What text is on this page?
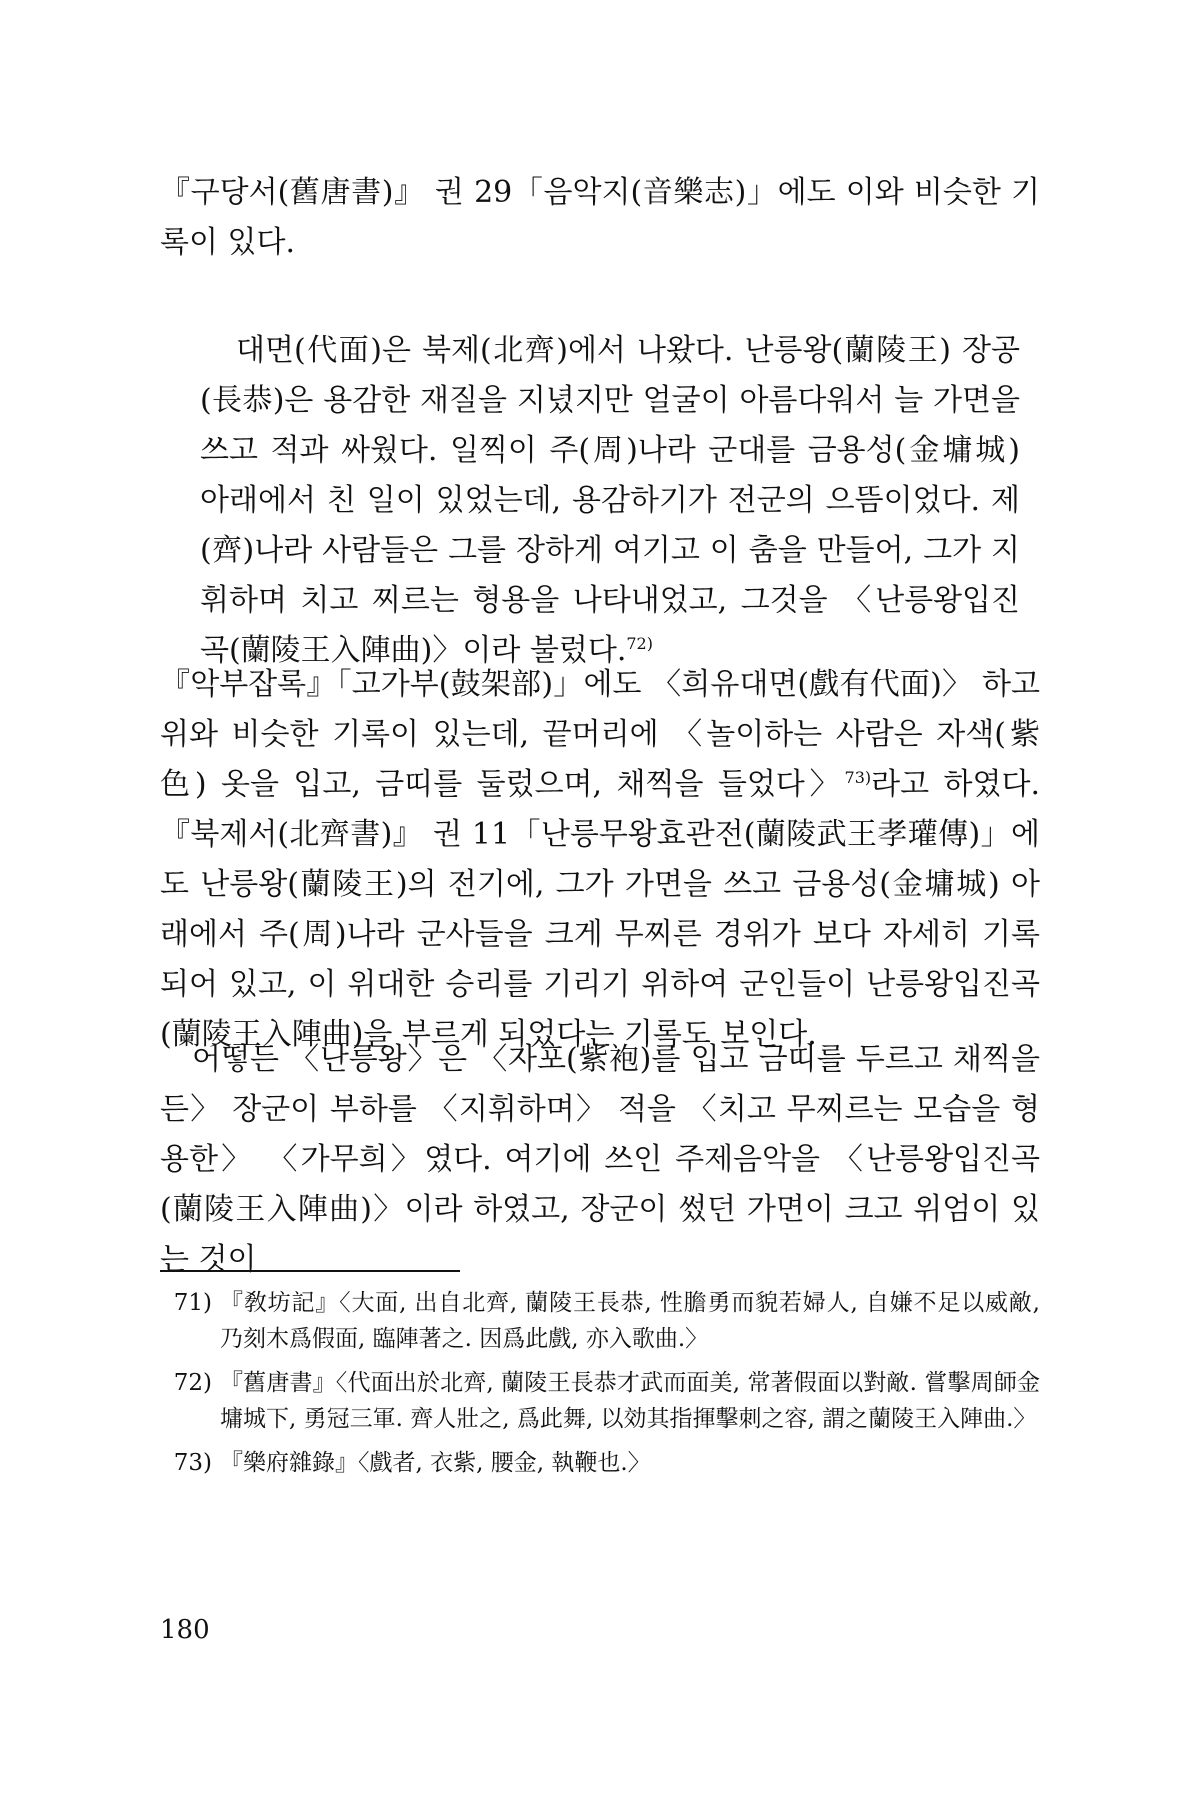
『구당서(舊唐書)』 권 29「음악지(音樂志)」에도 이와 비슷한 기록이 있다.
대면(代面)은 북제(北齊)에서 나왔다. 난릉왕(蘭陵王) 장공(長恭)은 용감한 재질을 지녔지만 얼굴이 아름다워서 늘 가면을 쓰고 적과 싸웠다. 일찍이 주(周)나라 군대를 금용성(金墉城) 아래에서 친 일이 있었는데, 용감하기가 전군의 으뜸이었다. 제(齊)나라 사람들은 그를 장하게 여기고 이 춤을 만들어, 그가 지휘하며 치고 찌르는 형용을 나타내었고, 그것을 〈난릉왕입진곡(蘭陵王入陣曲)〉이라 불렀다.$^{72)}$
『악부잡록』「고가부(鼓架部)」에도 〈희유대면(戲有代面)〉 하고 위와 비슷한 기록이 있는데, 끝머리에 〈놀이하는 사람은 자색(紫色) 옷을 입고, 금띠를 둘렀으며, 채찍을 들었다〉$^{73)}$라고 하였다. 『북제서(北齊書)』 권 11「난릉무왕효관전(蘭陵武王孝瓘傳)」에도 난릉왕(蘭陵王)의 전기에, 그가 가면을 쓰고 금용성(金墉城) 아래에서 주(周)나라 군사들을 크게 무찌른 경위가 보다 자세히 기록되어 있고, 이 위대한 승리를 기리기 위하여 군인들이 난릉왕입진곡(蘭陵王入陣曲)을 부르게 되었다는 기록도 보인다.
어떻든 〈난릉왕〉은 〈자포(紫袍)를 입고 금띠를 두르고 채찍을 든〉 장군이 부하를 〈지휘하며〉 적을 〈치고 무찌르는 모습을 형용한〉 〈가무희〉였다. 여기에 쓰인 주제음악을 〈난릉왕입진곡(蘭陵王入陣曲)〉이라 하였고, 장군이 썼던 가면이 크고 위엄이 있는 것이
71) 『敎坊記』〈大面, 出自北齊, 蘭陵王長恭, 性膽勇而貌若婦人, 自嫌不足以威敵, 乃刻木爲假面, 臨陣著之. 因爲此戲, 亦入歌曲.〉
72) 『舊唐書』〈代面出於北齊, 蘭陵王長恭才武而面美, 常著假面以對敵. 嘗擊周師金墉城下, 勇冠三軍. 齊人壯之, 爲此舞, 以効其指揮擊刺之容, 謂之蘭陵王入陣曲.〉
73) 『樂府雜錄』〈戲者, 衣紫, 腰金, 執鞭也.〉
180
